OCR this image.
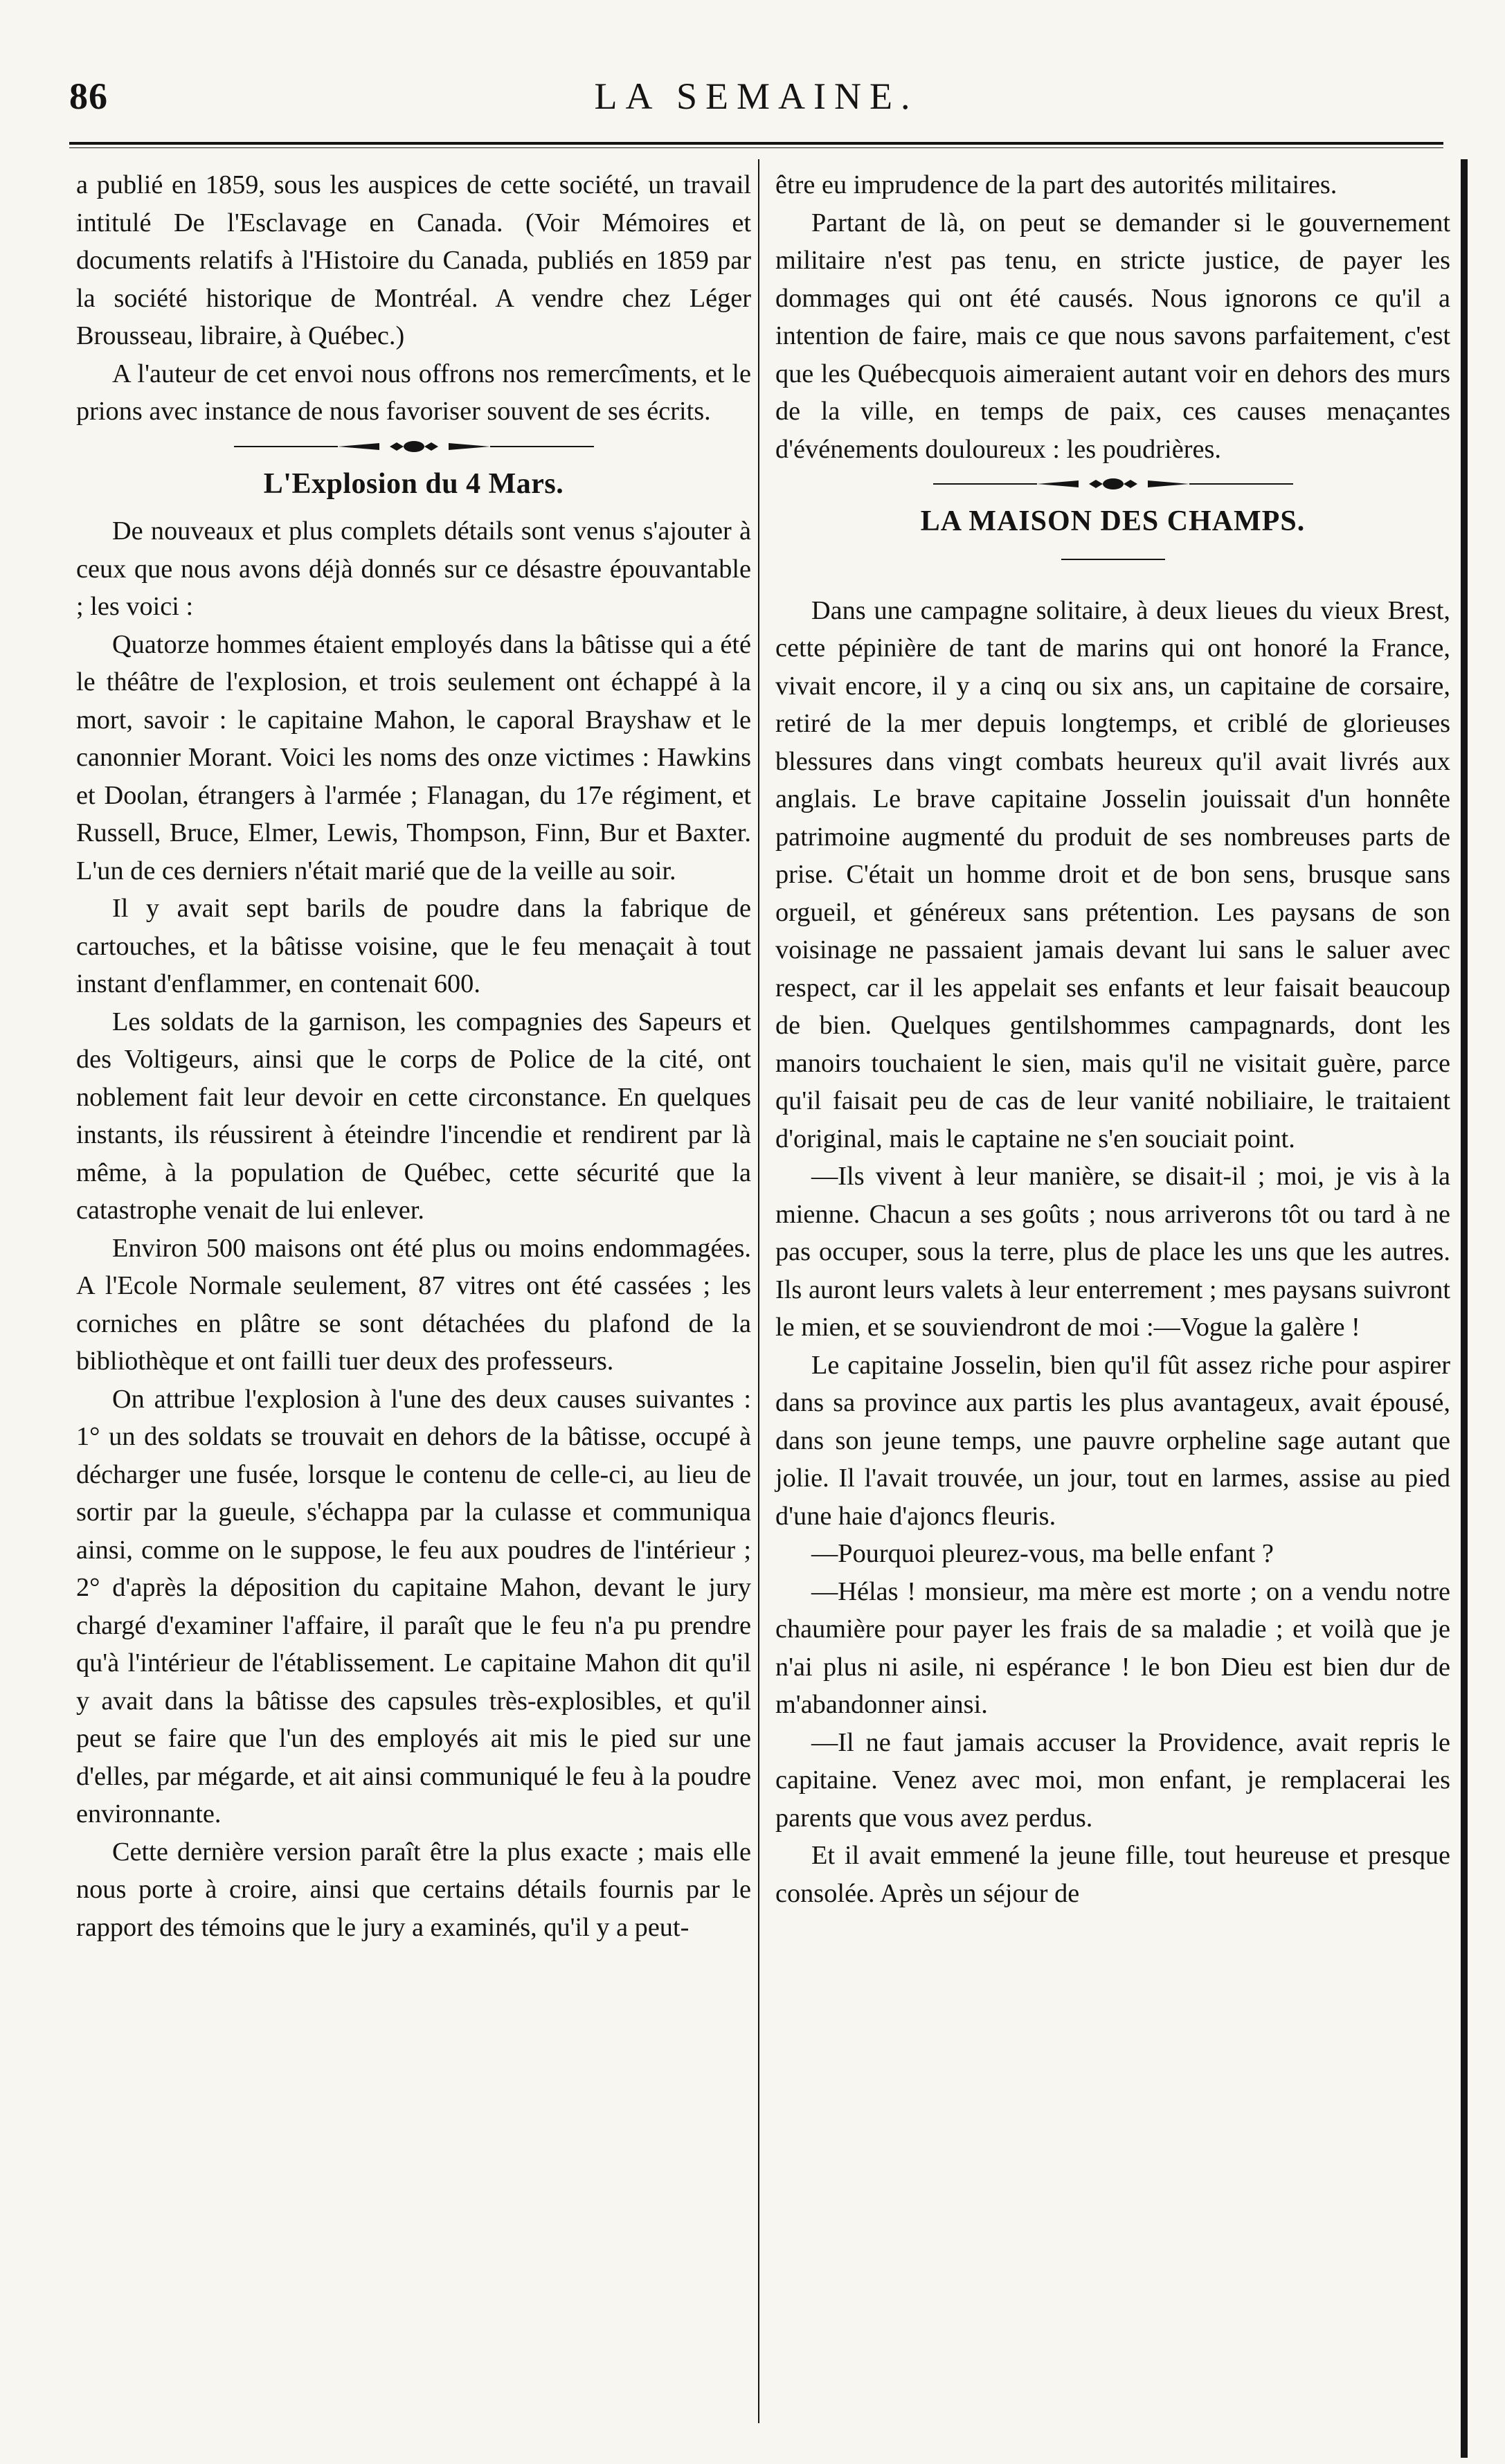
86	LA SEMAINE.

a publié en 1859, sous les auspices de cette société, un travail intitulé De l'Esclavage en Canada. (Voir Mémoires et documents relatifs à l'Histoire du Canada, publiés en 1859 par la société historique de Montréal. A vendre chez Léger Brousseau, libraire, à Québec.)

A l'auteur de cet envoi nous offrons nos remercîments, et le prions avec instance de nous favoriser souvent de ses écrits.

L'Explosion du 4 Mars.

De nouveaux et plus complets détails sont venus s'ajouter à ceux que nous avons déjà donnés sur ce désastre épouvantable ; les voici :

Quatorze hommes étaient employés dans la bâtisse qui a été le théâtre de l'explosion, et trois seulement ont échappé à la mort, savoir : le capitaine Mahon, le caporal Brayshaw et le canonnier Morant. Voici les noms des onze victimes : Hawkins et Doolan, étrangers à l'armée ; Flanagan, du 17e régiment, et Russell, Bruce, Elmer, Lewis, Thompson, Finn, Bur et Baxter. L'un de ces derniers n'était marié que de la veille au soir.

Il y avait sept barils de poudre dans la fabrique de cartouches, et la bâtisse voisine, que le feu menaçait à tout instant d'enflammer, en contenait 600.

Les soldats de la garnison, les compagnies des Sapeurs et des Voltigeurs, ainsi que le corps de Police de la cité, ont noblement fait leur devoir en cette circonstance. En quelques instants, ils réussirent à éteindre l'incendie et rendirent par là même, à la population de Québec, cette sécurité que la catastrophe venait de lui enlever.

Environ 500 maisons ont été plus ou moins endommagées. A l'Ecole Normale seulement, 87 vitres ont été cassées ; les corniches en plâtre se sont détachées du plafond de la bibliothèque et ont failli tuer deux des professeurs.

On attribue l'explosion à l'une des deux causes suivantes : 1° un des soldats se trouvait en dehors de la bâtisse, occupé à décharger une fusée, lorsque le contenu de celle-ci, au lieu de sortir par la gueule, s'échappa par la culasse et communiqua ainsi, comme on le suppose, le feu aux poudres de l'intérieur ; 2° d'après la déposition du capitaine Mahon, devant le jury chargé d'examiner l'affaire, il paraît que le feu n'a pu prendre qu'à l'intérieur de l'établissement. Le capitaine Mahon dit qu'il y avait dans la bâtisse des capsules très-explosibles, et qu'il peut se faire que l'un des employés ait mis le pied sur une d'elles, par mégarde, et ait ainsi communiqué le feu à la poudre environnante.

Cette dernière version paraît être la plus exacte ; mais elle nous porte à croire, ainsi que certains détails fournis par le rapport des témoins que le jury a examinés, qu'il y a peut-

être eu imprudence de la part des autorités militaires.

Partant de là, on peut se demander si le gouvernement militaire n'est pas tenu, en stricte justice, de payer les dommages qui ont été causés. Nous ignorons ce qu'il a intention de faire, mais ce que nous savons parfaitement, c'est que les Québecquois aimeraient autant voir en dehors des murs de la ville, en temps de paix, ces causes menaçantes d'événements douloureux : les poudrières.

LA MAISON DES CHAMPS.

Dans une campagne solitaire, à deux lieues du vieux Brest, cette pépinière de tant de marins qui ont honoré la France, vivait encore, il y a cinq ou six ans, un capitaine de corsaire, retiré de la mer depuis longtemps, et criblé de glorieuses blessures dans vingt combats heureux qu'il avait livrés aux anglais. Le brave capitaine Josselin jouissait d'un honnête patrimoine augmenté du produit de ses nombreuses parts de prise. C'était un homme droit et de bon sens, brusque sans orgueil, et généreux sans prétention. Les paysans de son voisinage ne passaient jamais devant lui sans le saluer avec respect, car il les appelait ses enfants et leur faisait beaucoup de bien. Quelques gentilshommes campagnards, dont les manoirs touchaient le sien, mais qu'il ne visitait guère, parce qu'il faisait peu de cas de leur vanité nobiliaire, le traitaient d'original, mais le captaine ne s'en souciait point.

—Ils vivent à leur manière, se disait-il ; moi, je vis à la mienne. Chacun a ses goûts ; nous arriverons tôt ou tard à ne pas occuper, sous la terre, plus de place les uns que les autres. Ils auront leurs valets à leur enterrement ; mes paysans suivront le mien, et se souviendront de moi :—Vogue la galère !

Le capitaine Josselin, bien qu'il fût assez riche pour aspirer dans sa province aux partis les plus avantageux, avait épousé, dans son jeune temps, une pauvre orpheline sage autant que jolie. Il l'avait trouvée, un jour, tout en larmes, assise au pied d'une haie d'ajoncs fleuris.

—Pourquoi pleurez-vous, ma belle enfant ?

—Hélas ! monsieur, ma mère est morte ; on a vendu notre chaumière pour payer les frais de sa maladie ; et voilà que je n'ai plus ni asile, ni espérance ! le bon Dieu est bien dur de m'abandonner ainsi.

—Il ne faut jamais accuser la Providence, avait repris le capitaine. Venez avec moi, mon enfant, je remplacerai les parents que vous avez perdus.

Et il avait emmené la jeune fille, tout heureuse et presque consolée. Après un séjour de
